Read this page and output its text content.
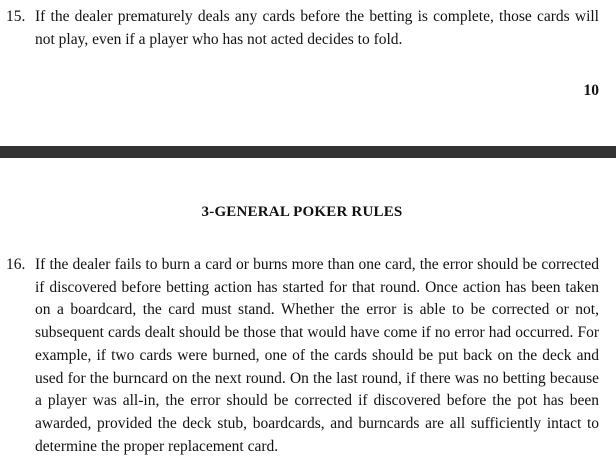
15. If the dealer prematurely deals any cards before the betting is complete, those cards will not play, even if a player who has not acted decides to fold.
10
3-GENERAL POKER RULES
16. If the dealer fails to burn a card or burns more than one card, the error should be corrected if discovered before betting action has started for that round. Once action has been taken on a boardcard, the card must stand. Whether the error is able to be corrected or not, subsequent cards dealt should be those that would have come if no error had occurred. For example, if two cards were burned, one of the cards should be put back on the deck and used for the burncard on the next round. On the last round, if there was no betting because a player was all-in, the error should be corrected if discovered before the pot has been awarded, provided the deck stub, boardcards, and burncards are all sufficiently intact to determine the proper replacement card.
